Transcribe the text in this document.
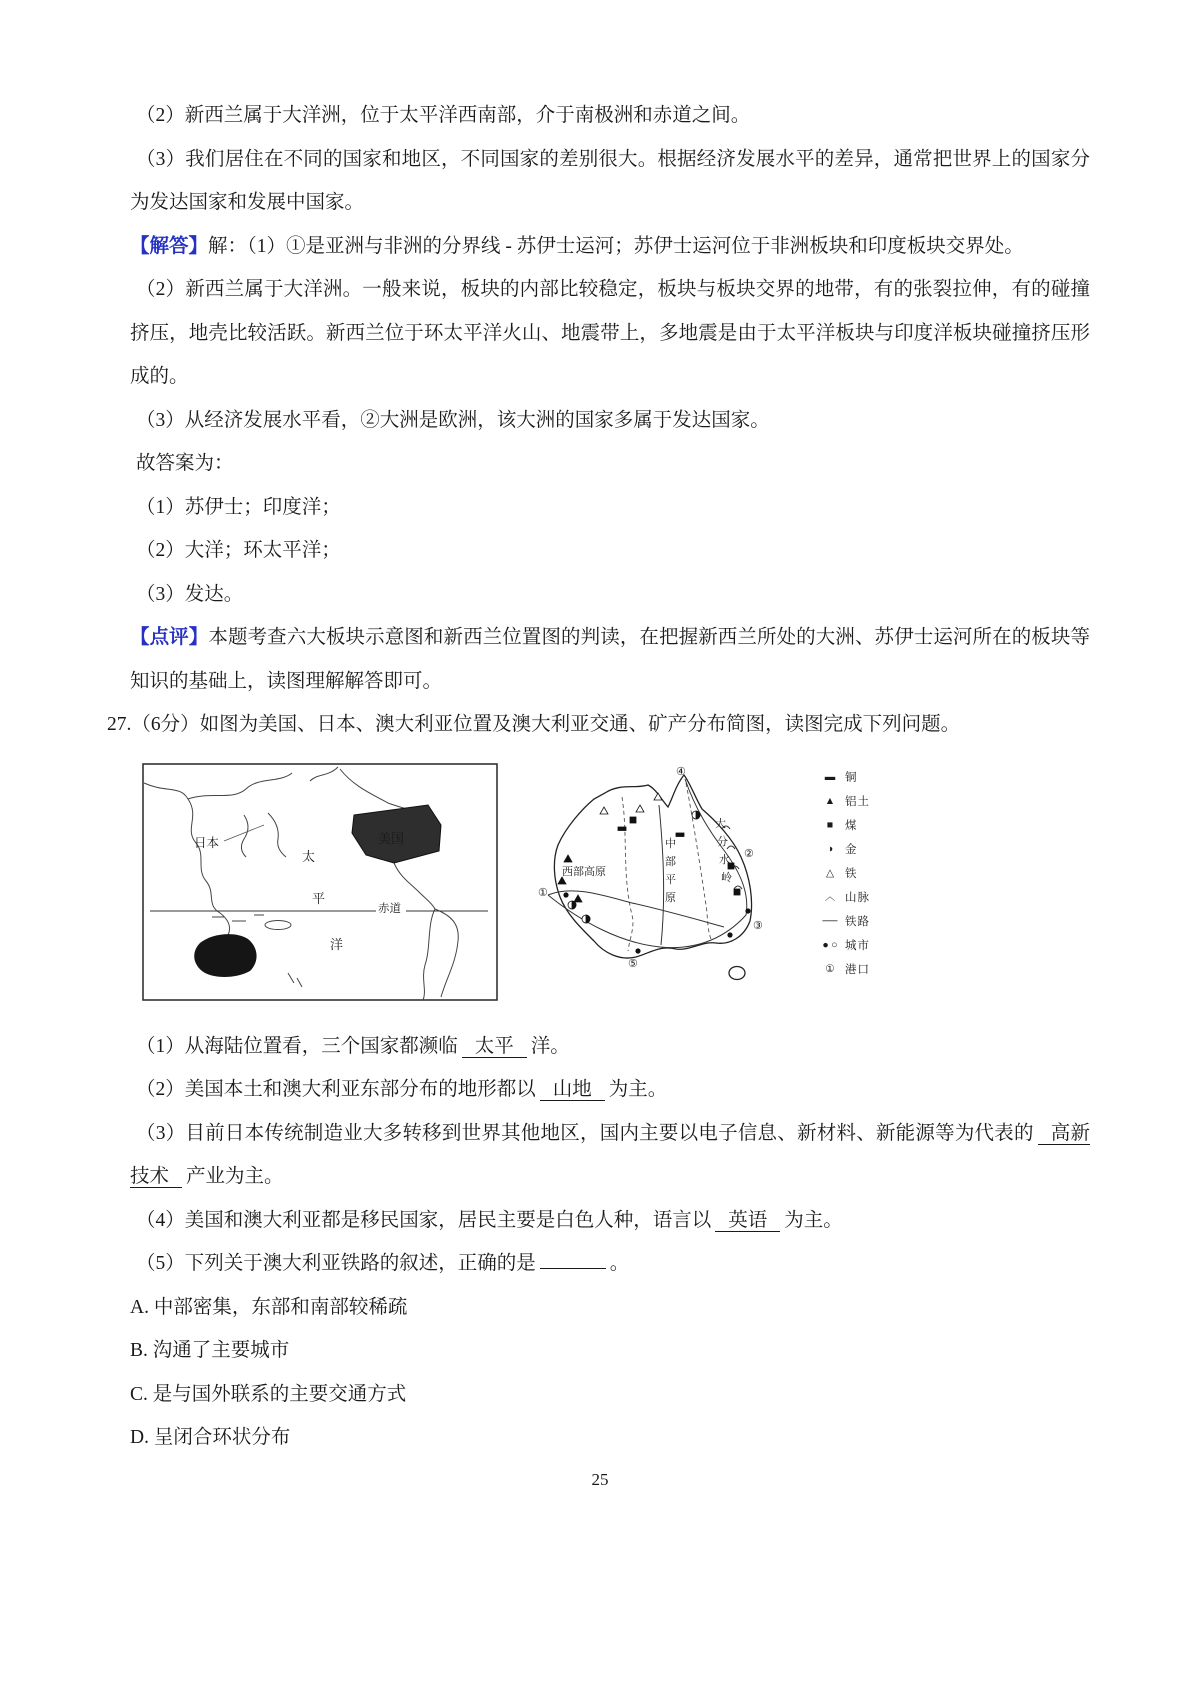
（2）新西兰属于大洋洲，位于太平洋西南部，介于南极洲和赤道之间。

（3）我们居住在不同的国家和地区，不同国家的差别很大。根据经济发展水平的差异，通常把世界上的国家分为发达国家和发展中国家。

【解答】解：（1）①是亚洲与非洲的分界线 - 苏伊士运河；苏伊士运河位于非洲板块和印度板块交界处。

（2）新西兰属于大洋洲。一般来说，板块的内部比较稳定，板块与板块交界的地带，有的张裂拉伸，有的碰撞挤压，地壳比较活跃。新西兰位于环太平洋火山、地震带上，多地震是由于太平洋板块与印度洋板块碰撞挤压形成的。

（3）从经济发展水平看，②大洲是欧洲，该大洲的国家多属于发达国家。

故答案为：

（1）苏伊士；印度洋；

（2）大洋；环太平洋；

（3）发达。

【点评】本题考查六大板块示意图和新西兰位置图的判读，在把握新西兰所处的大洲、苏伊士运河所在的板块等知识的基础上，读图理解解答即可。

27.（6分）如图为美国、日本、澳大利亚位置及澳大利亚交通、矿产分布简图，读图完成下列问题。

美国
赤道
日本
太
平
洋
西部高原
中
部
平
原
大
分
水
岭
①
②
③
④
⑤
▬ 铜
▲ 铝土
■	煤
◑	金
△ 铁
︿ 山脉
── 铁路
● ○ 城市
① 港口

（1）从海陆位置看，三个国家都濒临 太平 洋。

（2）美国本土和澳大利亚东部分布的地形都以 山地 为主。

（3）目前日本传统制造业大多转移到世界其他地区，国内主要以电子信息、新材料、新能源等为代表的 高新技术 产业为主。

（4）美国和澳大利亚都是移民国家，居民主要是白色人种，语言以 英语 为主。

（5）下列关于澳大利亚铁路的叙述，正确的是	。

A. 中部密集，东部和南部较稀疏

B. 沟通了主要城市

C. 是与国外联系的主要交通方式

D. 呈闭合环状分布

25
